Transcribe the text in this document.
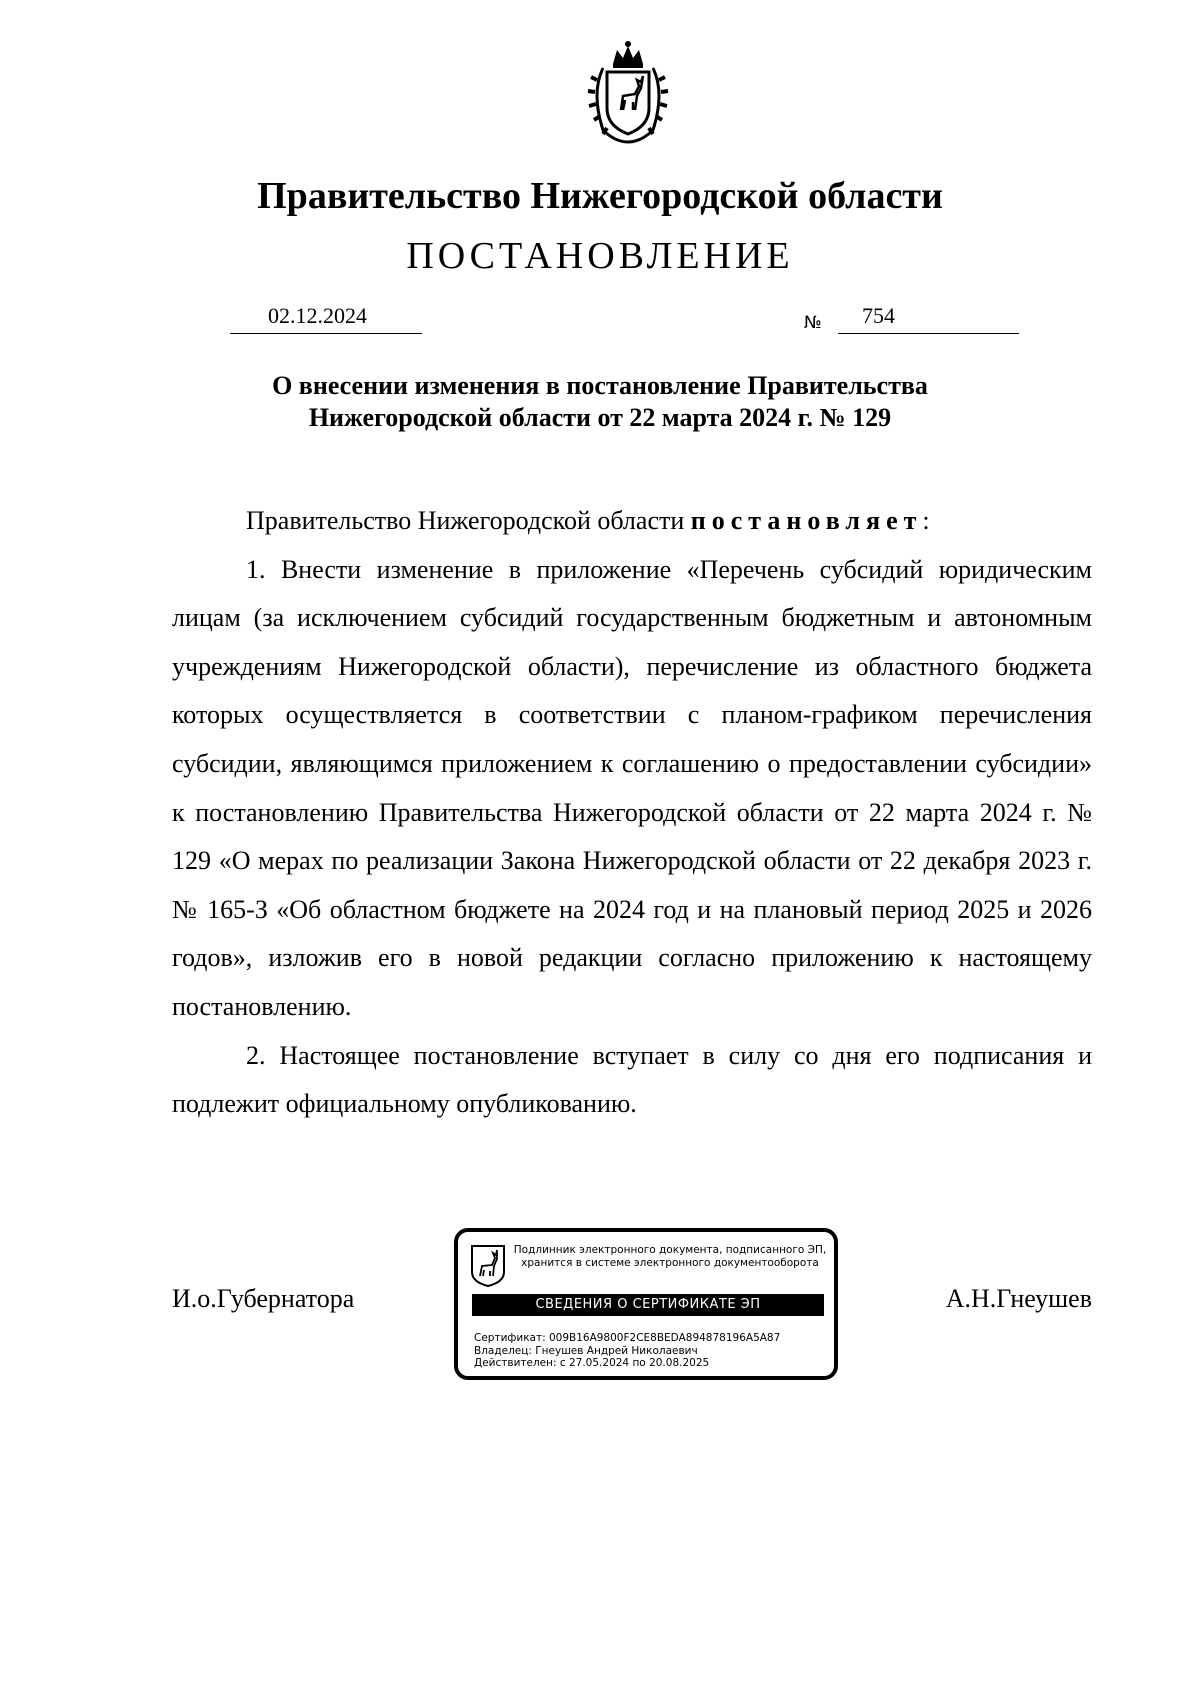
Правительство Нижегородской области
ПОСТАНОВЛЕНИЕ
02.12.2024	№ 754
О внесении изменения в постановление Правительства
Нижегородской области от 22 марта 2024 г. № 129

Правительство Нижегородской области постановляет:

1. Внести изменение в приложение «Перечень субсидий юридическим лицам (за исключением субсидий государственным бюджетным и автономным учреждениям Нижегородской области), перечисление из областного бюджета которых осуществляется в соответствии с планом-графиком перечисления субсидии, являющимся приложением к соглашению о предоставлении субсидии» к постановлению Правительства Нижегородской области от 22 марта 2024 г. № 129 «О мерах по реализации Закона Нижегородской области от 22 декабря 2023 г. № 165-З «Об областном бюджете на 2024 год и на плановый период 2025 и 2026 годов», изложив его в новой редакции согласно приложению к настоящему постановлению.

2. Настоящее постановление вступает в силу со дня его подписания и подлежит официальному опубликованию.

И.о.Губернатора	А.Н.Гнеушев
Подлинник электронного документа, подписанного ЭП,
хранится в системе электронного документооборота
СВЕДЕНИЯ О СЕРТИФИКАТЕ ЭП
Сертификат: 009B16A9800F2CE8BEDA894878196A5A87
Владелец: Гнеушев Андрей Николаевич
Действителен: с 27.05.2024 по 20.08.2025
